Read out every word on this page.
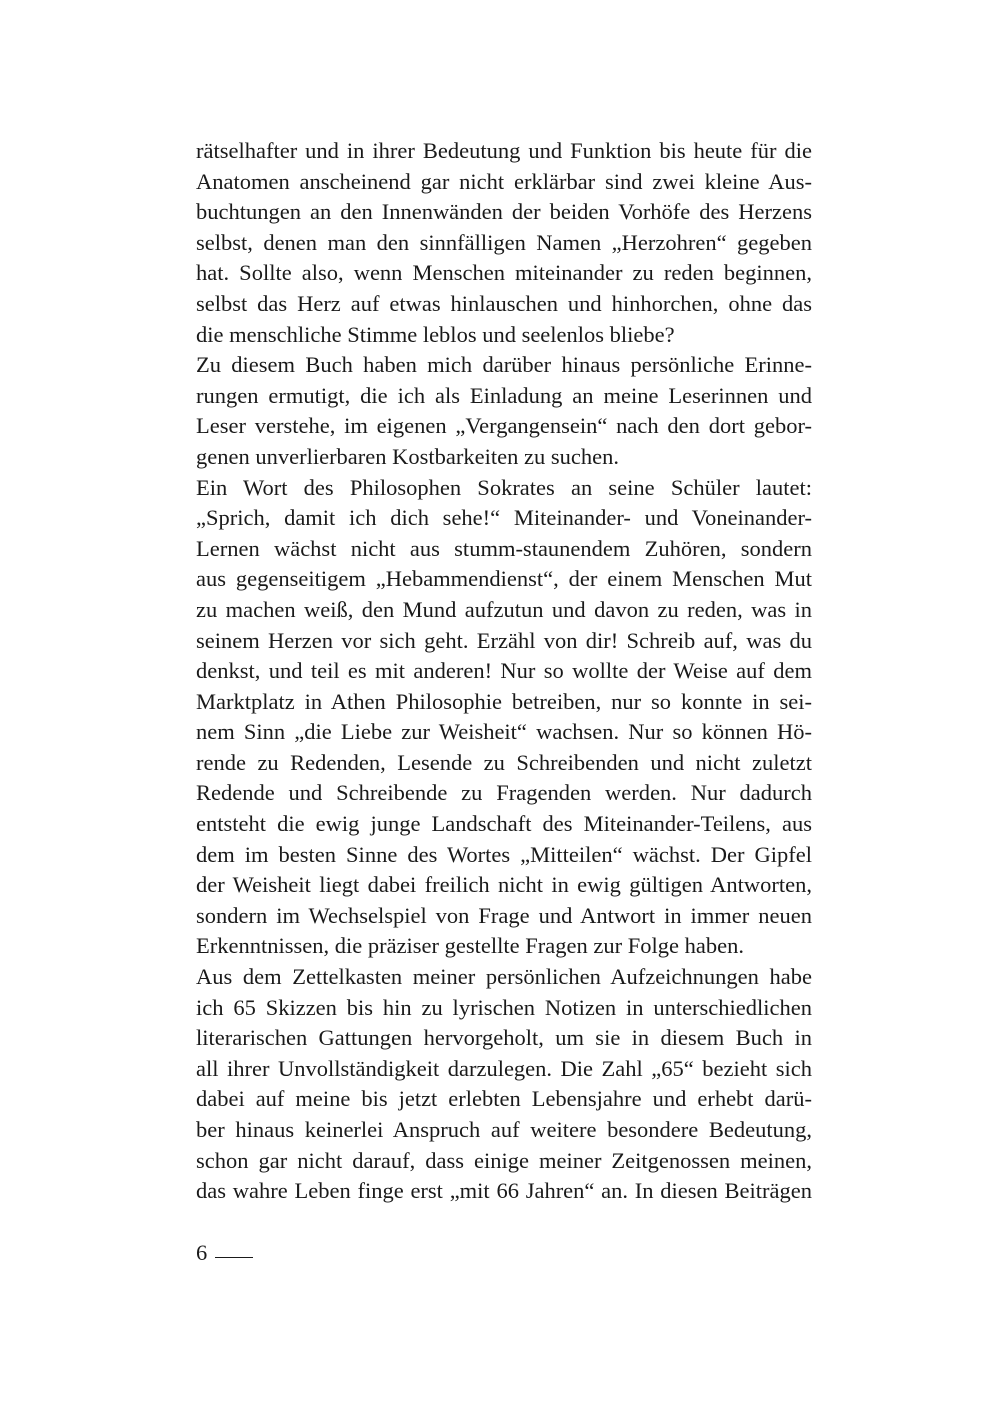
rätselhafter und in ihrer Bedeutung und Funktion bis heute für die
Anatomen anscheinend gar nicht erklärbar sind zwei kleine Aus-
buchtungen an den Innenwänden der beiden Vorhöfe des Herzens
selbst, denen man den sinnfälligen Namen „Herzohren“ gegeben
hat. Sollte also, wenn Menschen miteinander zu reden beginnen,
selbst das Herz auf etwas hinlauschen und hinhorchen, ohne das
die menschliche Stimme leblos und seelenlos bliebe?
Zu diesem Buch haben mich darüber hinaus persönliche Erinne-
rungen ermutigt, die ich als Einladung an meine Leserinnen und
Leser verstehe, im eigenen „Vergangensein“ nach den dort gebor-
genen unverlierbaren Kostbarkeiten zu suchen.
Ein Wort des Philosophen Sokrates an seine Schüler lautet:
„Sprich, damit ich dich sehe!“ Miteinander- und Voneinander-
Lernen wächst nicht aus stumm-staunendem Zuhören, sondern
aus gegenseitigem „Hebammendienst“, der einem Menschen Mut
zu machen weiß, den Mund aufzutun und davon zu reden, was in
seinem Herzen vor sich geht. Erzähl von dir! Schreib auf, was du
denkst, und teil es mit anderen! Nur so wollte der Weise auf dem
Marktplatz in Athen Philosophie betreiben, nur so konnte in sei-
nem Sinn „die Liebe zur Weisheit“ wachsen. Nur so können Hö-
rende zu Redenden, Lesende zu Schreibenden und nicht zuletzt
Redende und Schreibende zu Fragenden werden. Nur dadurch
entsteht die ewig junge Landschaft des Miteinander-Teilens, aus
dem im besten Sinne des Wortes „Mitteilen“ wächst. Der Gipfel
der Weisheit liegt dabei freilich nicht in ewig gültigen Antworten,
sondern im Wechselspiel von Frage und Antwort in immer neuen
Erkenntnissen, die präziser gestellte Fragen zur Folge haben.
Aus dem Zettelkasten meiner persönlichen Aufzeichnungen habe
ich 65 Skizzen bis hin zu lyrischen Notizen in unterschiedlichen
literarischen Gattungen hervorgeholt, um sie in diesem Buch in
all ihrer Unvollständigkeit darzulegen. Die Zahl „65“ bezieht sich
dabei auf meine bis jetzt erlebten Lebensjahre und erhebt darü-
ber hinaus keinerlei Anspruch auf weitere besondere Bedeutung,
schon gar nicht darauf, dass einige meiner Zeitgenossen meinen,
das wahre Leben finge erst „mit 66 Jahren“ an. In diesen Beiträgen
6
